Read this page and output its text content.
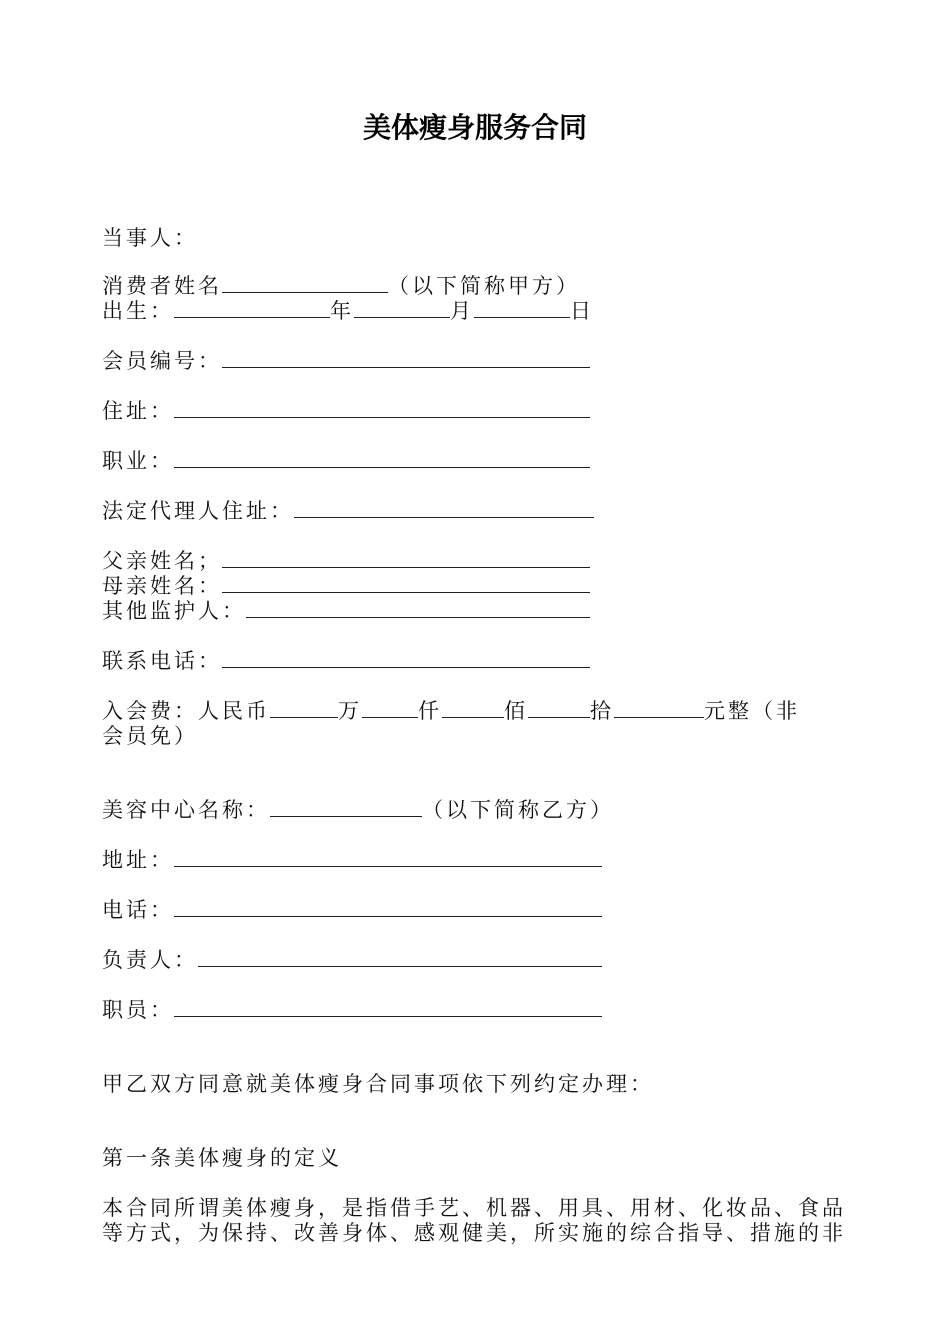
美体瘦身服务合同
当事人：
消费者姓名	（以下简称甲方）
出生：	年	月	日
会员编号：
住址：
职业：
法定代理人住址：
父亲姓名；
母亲姓名：
其他监护人：
联系电话：
入会费：人民币	万	仟	佰	拾	元整（非
会员免）
美容中心名称：	（以下简称乙方）
地址：
电话：
负责人：
职员：
甲乙双方同意就美体瘦身合同事项依下列约定办理：
第一条美体瘦身的定义
本合同所谓美体瘦身，是指借手艺、机器、用具、用材、化妆品、食品
等方式，为保持、改善身体、感观健美，所实施的综合指导、措施的非
